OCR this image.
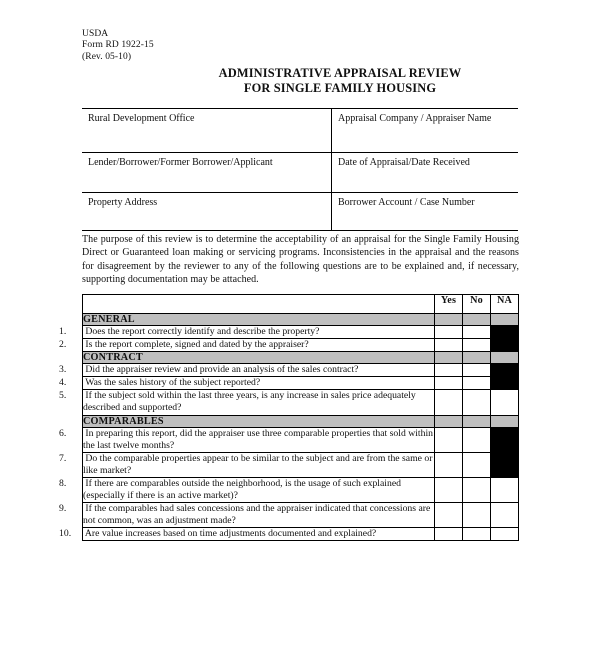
USDA
Form RD 1922-15
(Rev. 05-10)
ADMINISTRATIVE APPRAISAL REVIEW
FOR SINGLE FAMILY HOUSING
Rural Development Office	Appraisal Company / Appraiser Name
Lender/Borrower/Former Borrower/Applicant	Date of Appraisal/Date Received
Property Address	Borrower Account / Case Number
The purpose of this review is to determine the acceptability of an appraisal for the Single Family Housing Direct or Guaranteed loan making or servicing programs. Inconsistencies in the appraisal and the reasons for disagreement by the reviewer to any of the following questions are to be explained and, if necessary, supporting documentation may be attached.
	Yes	No	NA
GENERAL			
1. Does the report correctly identify and describe the property?			
2. Is the report complete, signed and dated by the appraiser?			
CONTRACT			
3. Did the appraiser review and provide an analysis of the sales contract?			
4. Was the sales history of the subject reported?			
5. If the subject sold within the last three years, is any increase in sales price adequately described and supported?			
COMPARABLES			
6. In preparing this report, did the appraiser use three comparable properties that sold within the last twelve months?			
7. Do the comparable properties appear to be similar to the subject and are from the same or like market?			
8. If there are comparables outside the neighborhood, is the usage of such explained (especially if there is an active market)?			
9. If the comparables had sales concessions and the appraiser indicated that concessions are not common, was an adjustment made?			
10. Are value increases based on time adjustments documented and explained?			
